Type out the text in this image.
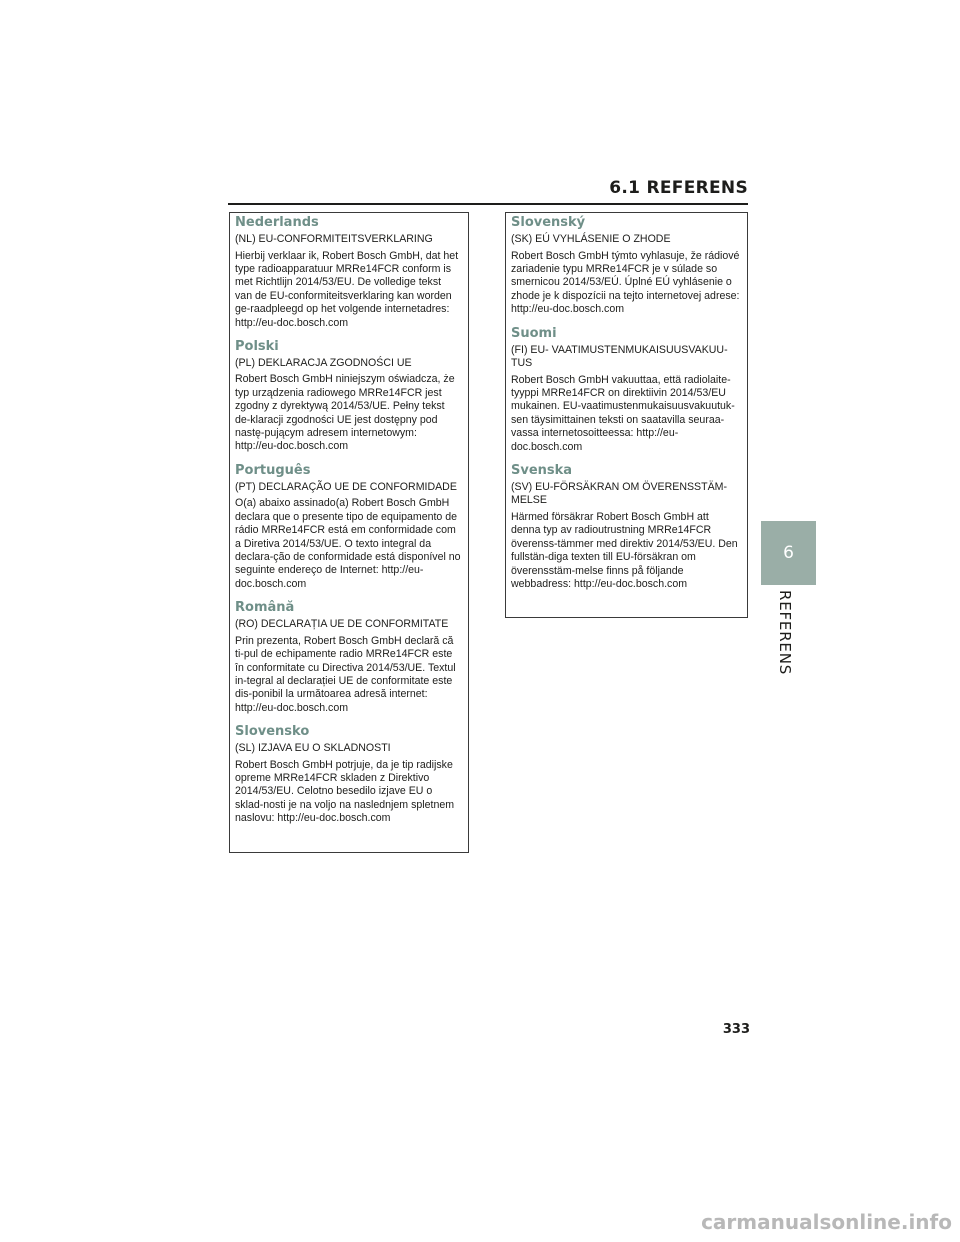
6.1 REFERENS
Nederlands
(NL) EU-CONFORMITEITSVERKLARING
Hierbij verklaar ik, Robert Bosch GmbH, dat het type radioapparatuur MRRe14FCR conform is met Richtlijn 2014/53/EU. De volledige tekst van de EU-conformiteitsverklaring kan worden ge-raadpleegd op het volgende internetadres: http://eu-doc.bosch.com
Polski
(PL) DEKLARACJA ZGODNOŚCI UE
Robert Bosch GmbH niniejszym oświadcza, że typ urządzenia radiowego MRRe14FCR jest zgodny z dyrektywą 2014/53/UE. Pełny tekst de-klaracji zgodności UE jest dostępny pod nastę-pującym adresem internetowym: http://eu-doc.bosch.com
Português
(PT) DECLARAÇÃO UE DE CONFORMIDADE
O(a) abaixo assinado(a) Robert Bosch GmbH declara que o presente tipo de equipamento de rádio MRRe14FCR está em conformidade com a Diretiva 2014/53/UE. O texto integral da declara-ção de conformidade está disponível no seguinte endereço de Internet: http://eu-doc.bosch.com
Română
(RO) DECLARAȚIA UE DE CONFORMITATE
Prin prezenta, Robert Bosch GmbH declară că ti-pul de echipamente radio MRRe14FCR este în conformitate cu Directiva 2014/53/UE. Textul in-tegral al declarației UE de conformitate este dis-ponibil la următoarea adresă internet: http://eu-doc.bosch.com
Slovensko
(SL) IZJAVA EU O SKLADNOSTI
Robert Bosch GmbH potrjuje, da je tip radijske opreme MRRe14FCR skladen z Direktivo 2014/53/EU. Celotno besedilo izjave EU o sklad-nosti je na voljo na naslednjem spletnem naslovu: http://eu-doc.bosch.com
Slovenský
(SK) EÚ VYHLÁSENIE O ZHODE
Robert Bosch GmbH týmto vyhlasuje, že rádiové zariadenie typu MRRe14FCR je v súlade so smernicou 2014/53/EÚ. Úplné EÚ vyhlásenie o zhode je k dispozícii na tejto internetovej adrese: http://eu-doc.bosch.com
Suomi
(FI) EU- VAATIMUSTENMUKAISUUSVAKUU-TUS
Robert Bosch GmbH vakuuttaa, että radiolaite-tyyppi MRRe14FCR on direktiivin 2014/53/EU mukainen. EU-vaatimustenmukaisuusvakuutuk-sen täysimittainen teksti on saatavilla seuraa-vassa internetosoitteessa: http://eu-doc.bosch.com
Svenska
(SV) EU-FÖRSÄKRAN OM ÖVERENSSTÄM-MELSE
Härmed försäkrar Robert Bosch GmbH att denna typ av radioutrustning MRRe14FCR överenss-tämmer med direktiv 2014/53/EU. Den fullstän-diga texten till EU-försäkran om överensstäm-melse finns på följande webbadress: http://eu-doc.bosch.com
6
REFERENS
333
carmanualsonline.info
